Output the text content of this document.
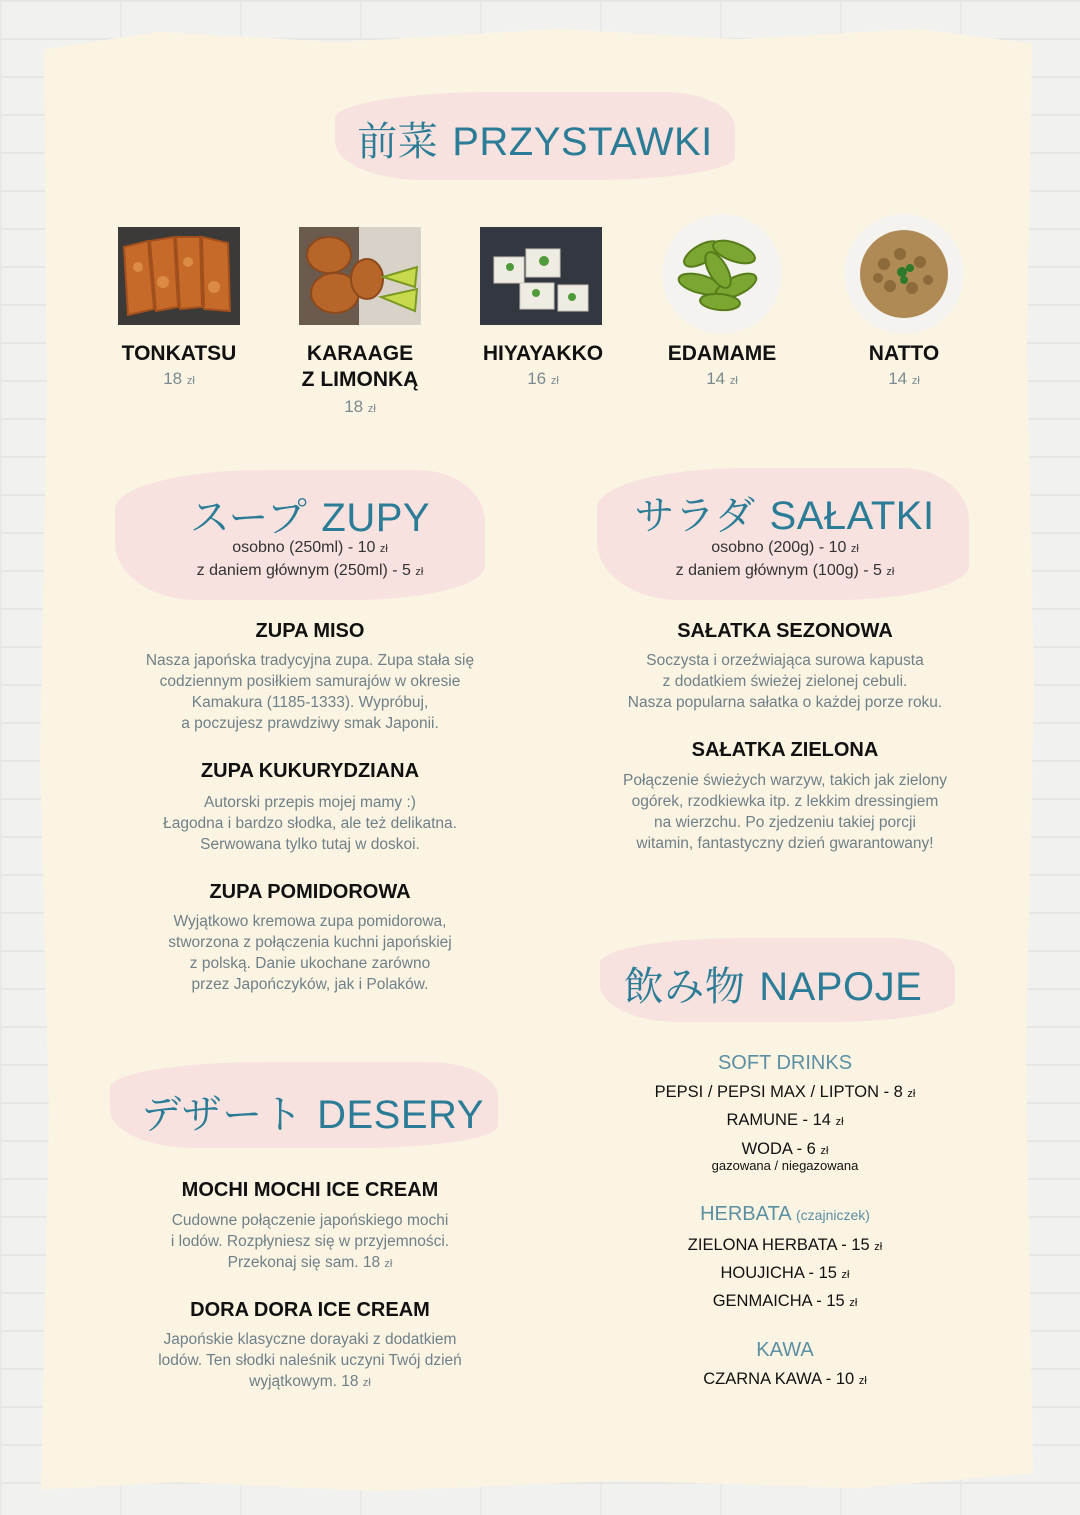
前菜 PRZYSTAWKI
TONKATSU
18 zł
KARAAGE
Z LIMONKĄ
18 zł
HIYAYAKKO
16 zł
EDAMAME
14 zł
NATTO
14 zł
スープ ZUPY
osobno (250ml) - 10 zł
z daniem głównym (250ml) - 5 zł
ZUPA MISO
Nasza japońska tradycyjna zupa. Zupa stała się
codziennym posiłkiem samurajów w okresie
Kamakura (1185-1333). Wypróbuj,
a poczujesz prawdziwy smak Japonii.
ZUPA KUKURYDZIANA
Autorski przepis mojej mamy :)
Łagodna i bardzo słodka, ale też delikatna.
Serwowana tylko tutaj w doskoi.
ZUPA POMIDOROWA
Wyjątkowo kremowa zupa pomidorowa,
stworzona z połączenia kuchni japońskiej
z polską. Danie ukochane zarówno
przez Japończyków, jak i Polaków.
サラダ SAŁATKI
osobno (200g) - 10 zł
z daniem głównym (100g) - 5 zł
SAŁATKA SEZONOWA
Soczysta i orzeźwiająca surowa kapusta
z dodatkiem świeżej zielonej cebuli.
Nasza popularna sałatka o każdej porze roku.
SAŁATKA ZIELONA
Połączenie świeżych warzyw, takich jak zielony
ogórek, rzodkiewka itp. z lekkim dressingiem
na wierzchu. Po zjedzeniu takiej porcji
witamin, fantastyczny dzień gwarantowany!
飲み物 NAPOJE
SOFT DRINKS
PEPSI / PEPSI MAX / LIPTON - 8 zł
RAMUNE - 14 zł
WODA - 6 zł
gazowana / niegazowana
HERBATA (czajniczek)
ZIELONA HERBATA - 15 zł
HOUJICHA - 15 zł
GENMAICHA - 15 zł
KAWA
CZARNA KAWA - 10 zł
デザート DESERY
MOCHI MOCHI ICE CREAM
Cudowne połączenie japońskiego mochi
i lodów. Rozpłyniesz się w przyjemności.
Przekonaj się sam. 18 zł
DORA DORA ICE CREAM
Japońskie klasyczne dorayaki z dodatkiem
lodów. Ten słodki naleśnik uczyni Twój dzień
wyjątkowym. 18 zł
